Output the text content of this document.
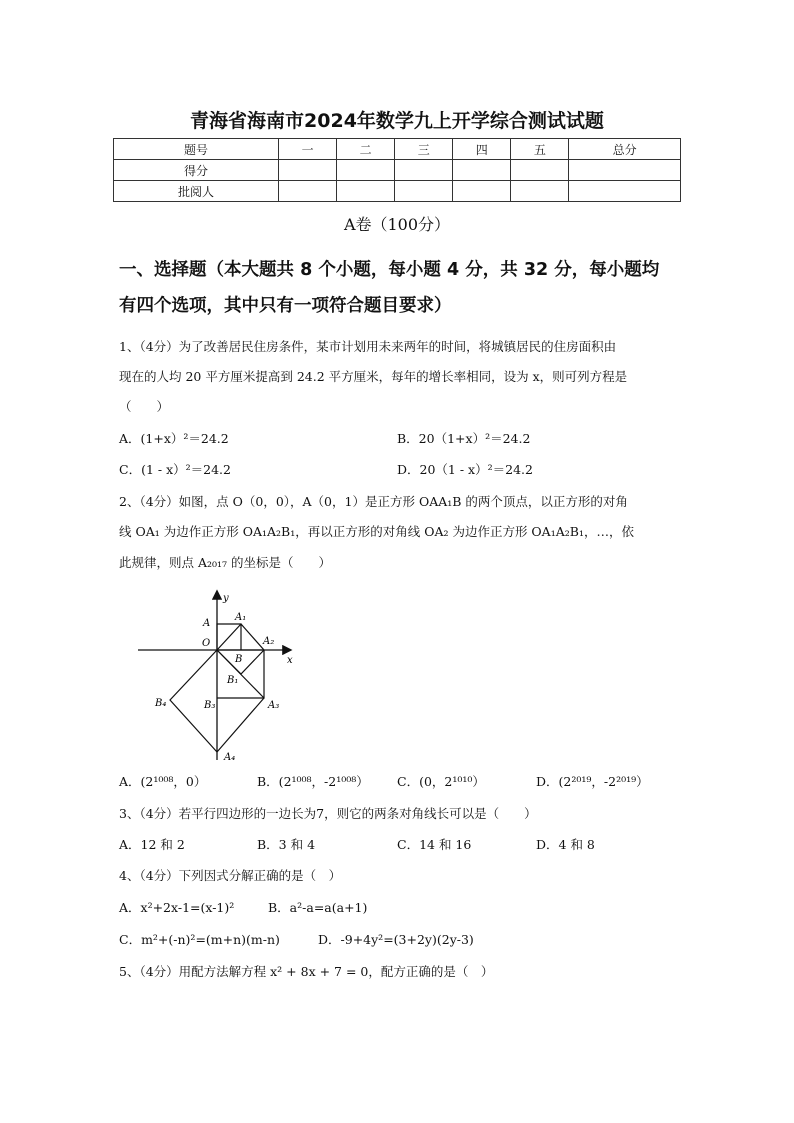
青海省海南市2024年数学九上开学综合测试试题
题号	一	二	三	四	五	总分
得分						
批阅人						
A卷（100分）
一、选择题（本大题共 8 个小题，每小题 4 分，共 32 分，每小题均
有四个选项，其中只有一项符合题目要求）
1、（4分）为了改善居民住房条件，某市计划用未来两年的时间，将城镇居民的住房面积由
现在的人均 20 平方厘米提高到 24.2 平方厘米，每年的增长率相同，设为 x，则可列方程是
（　　）
A．(1+x）²＝24.2	B．20（1+x）²＝24.2
C．(1 - x）²＝24.2	D．20（1 - x）²＝24.2
2、（4分）如图，点 O（0，0），A（0，1）是正方形 OAA₁B 的两个顶点，以正方形的对角
线 OA₁ 为边作正方形 OA₁A₂B₁，再以正方形的对角线 OA₂ 为边作正方形 OA₁A₂B₁，…，依
此规律，则点 A₂₀₁₇ 的坐标是（　　）
y
A
A₁
O	A₂
B	x
B₁
B₄	B₃	A₃
A₄
A．(2¹⁰⁰⁸，0）	B．(2¹⁰⁰⁸，-2¹⁰⁰⁸） C．(0，2¹⁰¹⁰）	D．(2²⁰¹⁹，-2²⁰¹⁹）
3、（4分）若平行四边形的一边长为7，则它的两条对角线长可以是（　　）
A．12 和 2	B．3 和 4	C．14 和 16	D．4 和 8
4、（4分）下列因式分解正确的是（　）
A．x²+2x-1=(x-1)²	B．a²-a=a(a+1)
C．m²+(-n)²=(m+n)(m-n)	D．-9+4y²=(3+2y)(2y-3)
5、（4分）用配方法解方程 x² + 8x + 7 = 0，配方正确的是（　）
